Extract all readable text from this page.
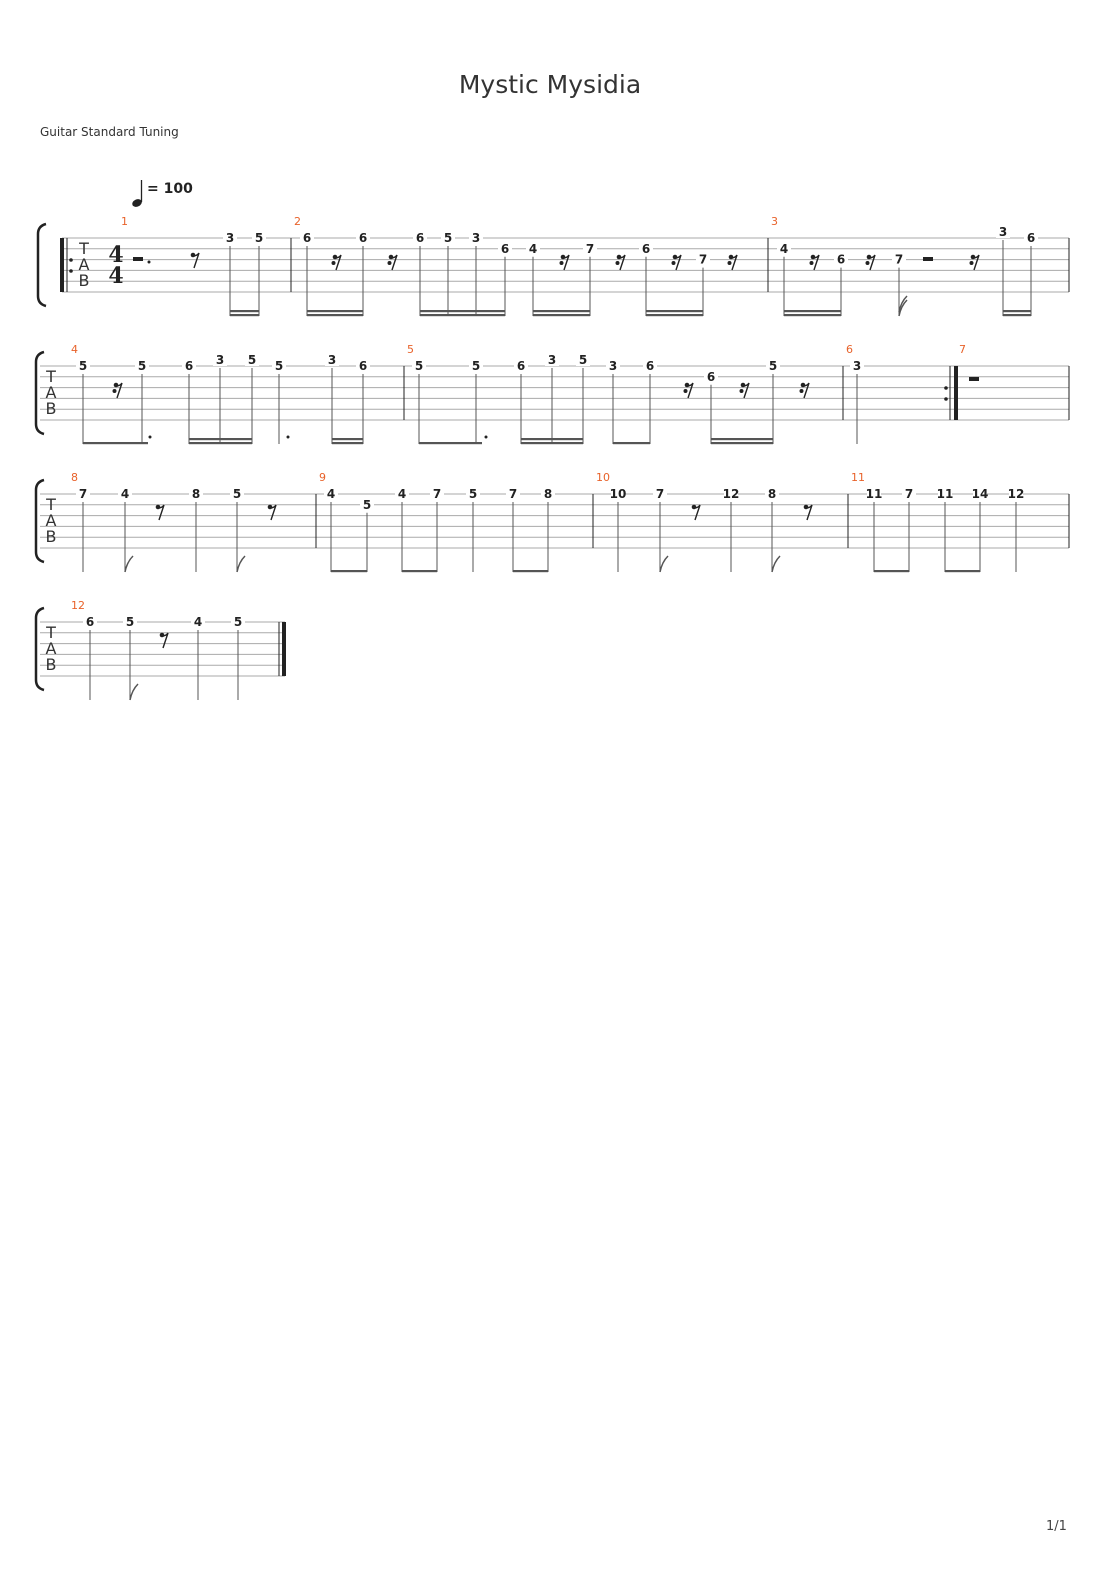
Mystic Mysidia
Guitar Standard Tuning
1/1
T
A
B
T
A
B
T
A
B
T
A
B
= 100
4
4
1
3 5
2
6	6	6 5 3
6 4	7	6
7
3
4
6	7
3 6
4
5	5	6 3 5 5	3 6
5
5	5	6 3 5 3 6
6
5
6
3
7
8
7	4	8	5
9
4
5
4 7 5	7 8
10
10 7	12 8
11
11 7 11 14 12
12
6	5	4	5
